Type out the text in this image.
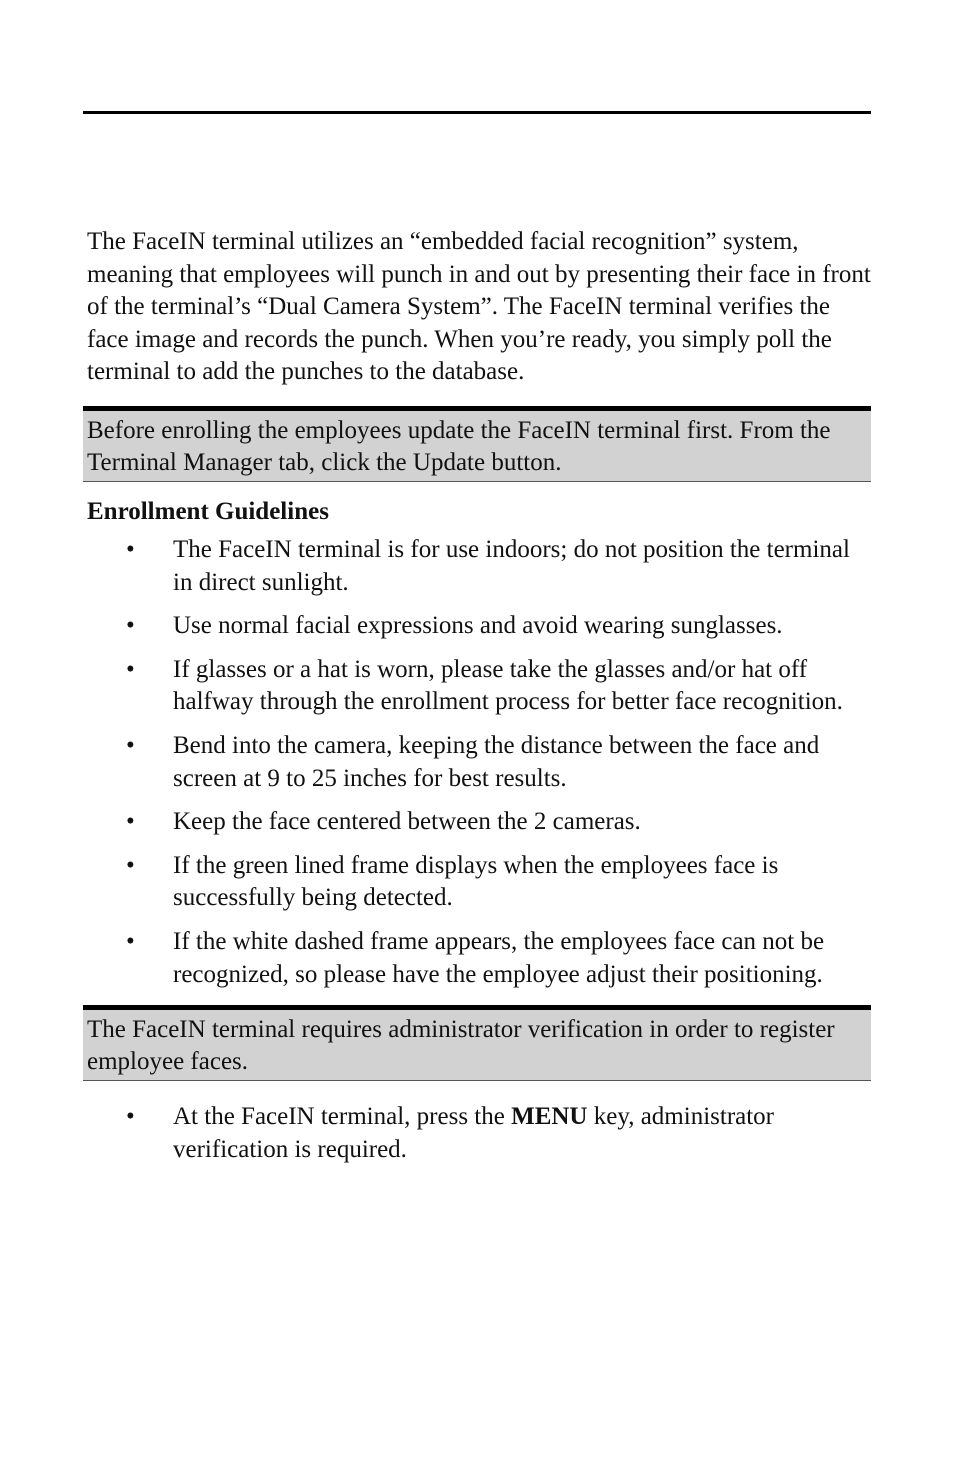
The FaceIN terminal utilizes an “embedded facial recognition” system, meaning that employees will punch in and out by presenting their face in front of the terminal’s “Dual Camera System”. The FaceIN terminal verifies the face image and records the punch. When you’re ready, you simply poll the terminal to add the punches to the database.

Before enrolling the employees update the FaceIN terminal first. From the Terminal Manager tab, click the Update button.
Enrollment Guidelines
• The FaceIN terminal is for use indoors; do not position the terminal in direct sunlight.
• Use normal facial expressions and avoid wearing sunglasses.
• If glasses or a hat is worn, please take the glasses and/or hat off halfway through the enrollment process for better face recognition.
• Bend into the camera, keeping the distance between the face and screen at 9 to 25 inches for best results.
• Keep the face centered between the 2 cameras.
• If the green lined frame displays when the employees face is successfully being detected.
• If the white dashed frame appears, the employees face can not be recognized, so please have the employee adjust their positioning.
The FaceIN terminal requires administrator verification in order to register employee faces.
• At the FaceIN terminal, press the MENU key, administrator verification is required.
